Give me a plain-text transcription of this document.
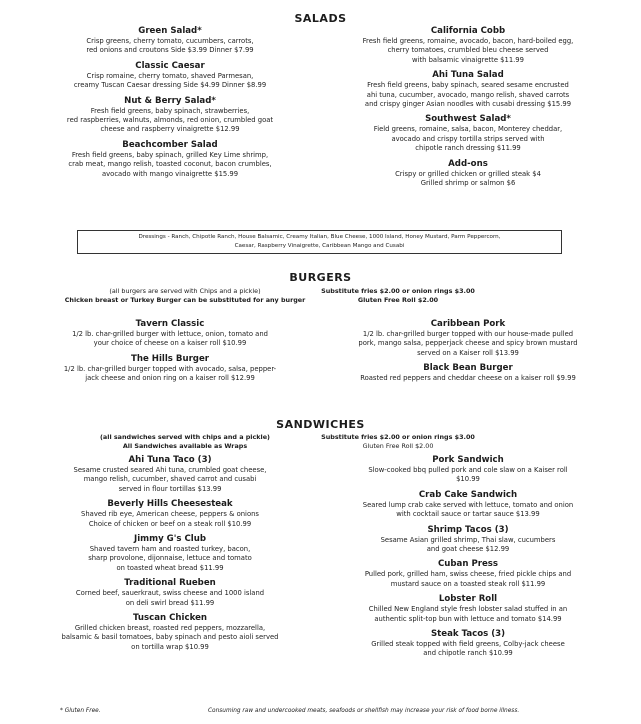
SALADS
Green Salad*
Crisp greens, cherry tomato, cucumbers, carrots,
red onions and croutons Side $3.99 Dinner $7.99
Classic Caesar
Crisp romaine, cherry tomato, shaved Parmesan,
creamy Tuscan Caesar dressing Side $4.99 Dinner $8.99
Nut & Berry Salad*
Fresh field greens, baby spinach, strawberries,
red raspberries, walnuts, almonds, red onion, crumbled goat
cheese and raspberry vinaigrette $12.99
Beachcomber Salad
Fresh field greens, baby spinach, grilled Key Lime shrimp,
crab meat, mango relish, toasted coconut, bacon crumbles,
avocado with mango vinaigrette $15.99
California Cobb
Fresh field greens, romaine, avocado, bacon, hard-boiled egg,
cherry tomatoes, crumbled bleu cheese served
with balsamic vinaigrette $11.99
Ahi Tuna Salad
Fresh field greens, baby spinach, seared sesame encrusted
ahi tuna, cucumber, avocado, mango relish, shaved carrots
and crispy ginger Asian noodles with cusabi dressing $15.99
Southwest Salad*
Field greens, romaine, salsa, bacon, Monterey cheddar,
avocado and crispy tortilla strips served with
chipotle ranch dressing $11.99
Add-ons
Crispy or grilled chicken or grilled steak $4
Grilled shrimp or salmon $6
Dressings - Ranch, Chipotle Ranch, House Balsamic, Creamy Italian, Blue Cheese, 1000 Island, Honey Mustard, Parm Peppercorn,
Caesar, Raspberry Vinaigrette, Caribbean Mango and Cusabi
BURGERS
(all burgers are served with Chips and a pickle)
Chicken breast or Turkey Burger can be substituted for any burger
Substitute fries $2.00 or onion rings $3.00
Gluten Free Roll $2.00
Tavern Classic
1/2 lb. char-grilled burger with lettuce, onion, tomato and
your choice of cheese on a kaiser roll $10.99
The Hills Burger
1/2 lb. char-grilled burger topped with avocado, salsa, pepper-
jack cheese and onion ring on a kaiser roll $12.99
Caribbean Pork
1/2 lb. char-grilled burger topped with our house-made pulled
pork, mango salsa, pepperjack cheese and spicy brown mustard
served on a Kaiser roll $13.99
Black Bean Burger
Roasted red peppers and cheddar cheese on a kaiser roll $9.99
SANDWICHES
(all sandwiches served with chips and a pickle)
All Sandwiches available as Wraps
Substitute fries $2.00 or onion rings $3.00
Gluten Free Roll $2.00
Ahi Tuna Taco (3)
Sesame crusted seared Ahi tuna, crumbled goat cheese,
mango relish, cucumber, shaved carrot and cusabi
served in flour tortillas $13.99
Beverly Hills Cheesesteak
Shaved rib eye, American cheese, peppers & onions
Choice of chicken or beef on a steak roll $10.99
Jimmy G's Club
Shaved tavern ham and roasted turkey, bacon,
sharp provolone, dijonnaise, lettuce and tomato
on toasted wheat bread $11.99
Traditional Rueben
Corned beef, sauerkraut, swiss cheese and 1000 island
on deli swirl bread $11.99
Tuscan Chicken
Grilled chicken breast, roasted red peppers, mozzarella,
balsamic & basil tomatoes, baby spinach and pesto aioli served
on tortilla wrap $10.99
Pork Sandwich
Slow-cooked bbq pulled pork and cole slaw on a Kaiser roll
$10.99
Crab Cake Sandwich
Seared lump crab cake served with lettuce, tomato and onion
with cocktail sauce or tartar sauce $13.99
Shrimp Tacos (3)
Sesame Asian grilled shrimp, Thai slaw, cucumbers
and goat cheese $12.99
Cuban Press
Pulled pork, grilled ham, swiss cheese, fried pickle chips and
mustard sauce on a toasted steak roll $11.99
Lobster Roll
Chilled New England style fresh lobster salad stuffed in an
authentic split-top bun with lettuce and tomato $14.99
Steak Tacos (3)
Grilled steak topped with field greens, Colby-jack cheese
and chipotle ranch $10.99
* Gluten Free.	Consuming raw and undercooked meats, seafoods or shellfish may increase your risk of food borne illness.
